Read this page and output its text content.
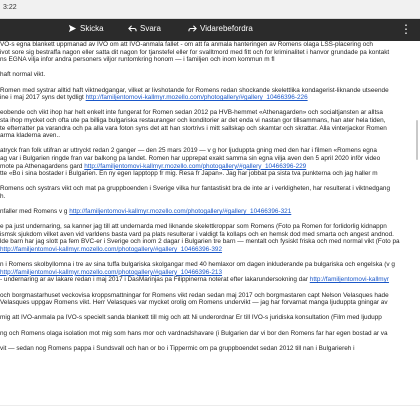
3:22
Skicka	Svara	Vidarebefordra	⋮

VO-s egna blankett uppmanad av IVO om att IVO-anmala fallet - om att fa anmala hanteringen av Romens olaga LSS-placering och
ivot sore sig bestraffa nagon eller satta dit nagon for tjanstefel eller for svalltmord med fitt och for kriminalitet i hanvor grundade pa kontakt
ns EGNA vilja infor andra personers viljor runtomkring honom — i familjen och inom kommun m fl

haft normal vikt.

Romen med systrar alltid haft viktnedgangar, vilket ar livshotande for Romens redan shockande skelettlika kondagerist-liknande utseende
ine i maj 2017 syns det tydligt http://familjentomovi-kallmyr.mozello.com/photogallery/#gallery_10466396-226

eobende och vikt ihop har helt enkelt inte fungerat for Romen sedan 2012 pa HVB-hemmet «Athenagarden» och socialtjansten ar alltsa
sta ihop mycket och ofta ute pa billiga bulgariska restauranger och konditorier ar det enda vi nastan gor tillsammans, han ater hela tiden,
te efterratter pa varandra och pa alla vara foton syns det att han stortrivs i mitt sallskap och skamtar och skrattar. Alla vinterjackor Romen
arma kladerna aven..

atryck fran folk utifran ar uttryckt redan 2 ganger — den 25 mars 2019 — v g hor ljuduppta gning med den har i filmen «Romens egna
ag var i Bulgarien ringde fran var balkong pa landet. Romen har upprepat exakt samma sin egna vilja aven den 5 april 2020 inför video
mote pa Athenagardens gard http://familjentomovi-kallmyr.mozello.com/photogallery/#gallery_10466396-229
tte «Bo i sina bostader i Bulgarien. En ny egen lapptopp fr mig. Resa fr Japan». Jag har jobbat pa sista tva punkterna och jag haller m

Romens och systrars vikt och mat pa gruppboenden i Sverige vilka hur fantastiskt bra de inte ar i verkligheten, har resulterat i viktnedgang
h.

nfaller med Romens v g http://familjentomovi-kallmyr.mozello.com/photogallery/#gallery_10466396-321

e pa just undernaring, sa kanner jag till att undernarda med liknande skelettkroppar som Romens (Foto pa Romen for forlidorlig kidnappn
ismsk sjukdom vilket aven vid varldens basta vard pa plats resulterar i valdigt fa kollaps och en hemsk dod med smarta och angest andnod.
lde barn har jag slott pa fem BVC-er i Sverige och inom 2 dagar i Bulgarien tre barn — mentalt och fysiskt friska och med normal vikt (Foto pa
http://familjentomovi-kallmyr.mozello.com/photogallery/#gallery_10466396-392

n i Romens skolbyllomna i tre av sina tuffa bulgariska skolgangar med 40 hemlaxor om dagen inkluderande pa bulgariska och engelska (v g
http://familjentomovi-kallmyr.mozello.com/photogallery/#gallery_10466396-213
- undernaring ar av lakare redan i maj 2017 i DasMarinjas pa Filippinerna noterat efter lakarundersokning dar http://familjentomovi-kallmyr

och borgmastarhuset veckovisa kroppsmattningar for Romens vikt redan sedan maj 2017 och borgmastaren capt Nelson Velasques hade
Velasques uppgav Romens vikt. Herr Velasques var mycket orolig om Romens undervikt — jag har forvarnat manga ljuduppta gningar av

mig att IVO-anmala pa IVO-s specielt sanda blankett till mig och att Ni underordnar Er till IVO-s juridiska konsultation (Film med ljudupp

ng och Romens olaga isolation mot mig som hans mor och vardnadshavare (i Bulgarien dar vi bor den Romens far har egen bostad ar va

vit — sedan nog Romens pappa i Sundsvall och han or bo i Tippermic om pa gruppboendet sedan 2012 till nan i Bulgariereh i
